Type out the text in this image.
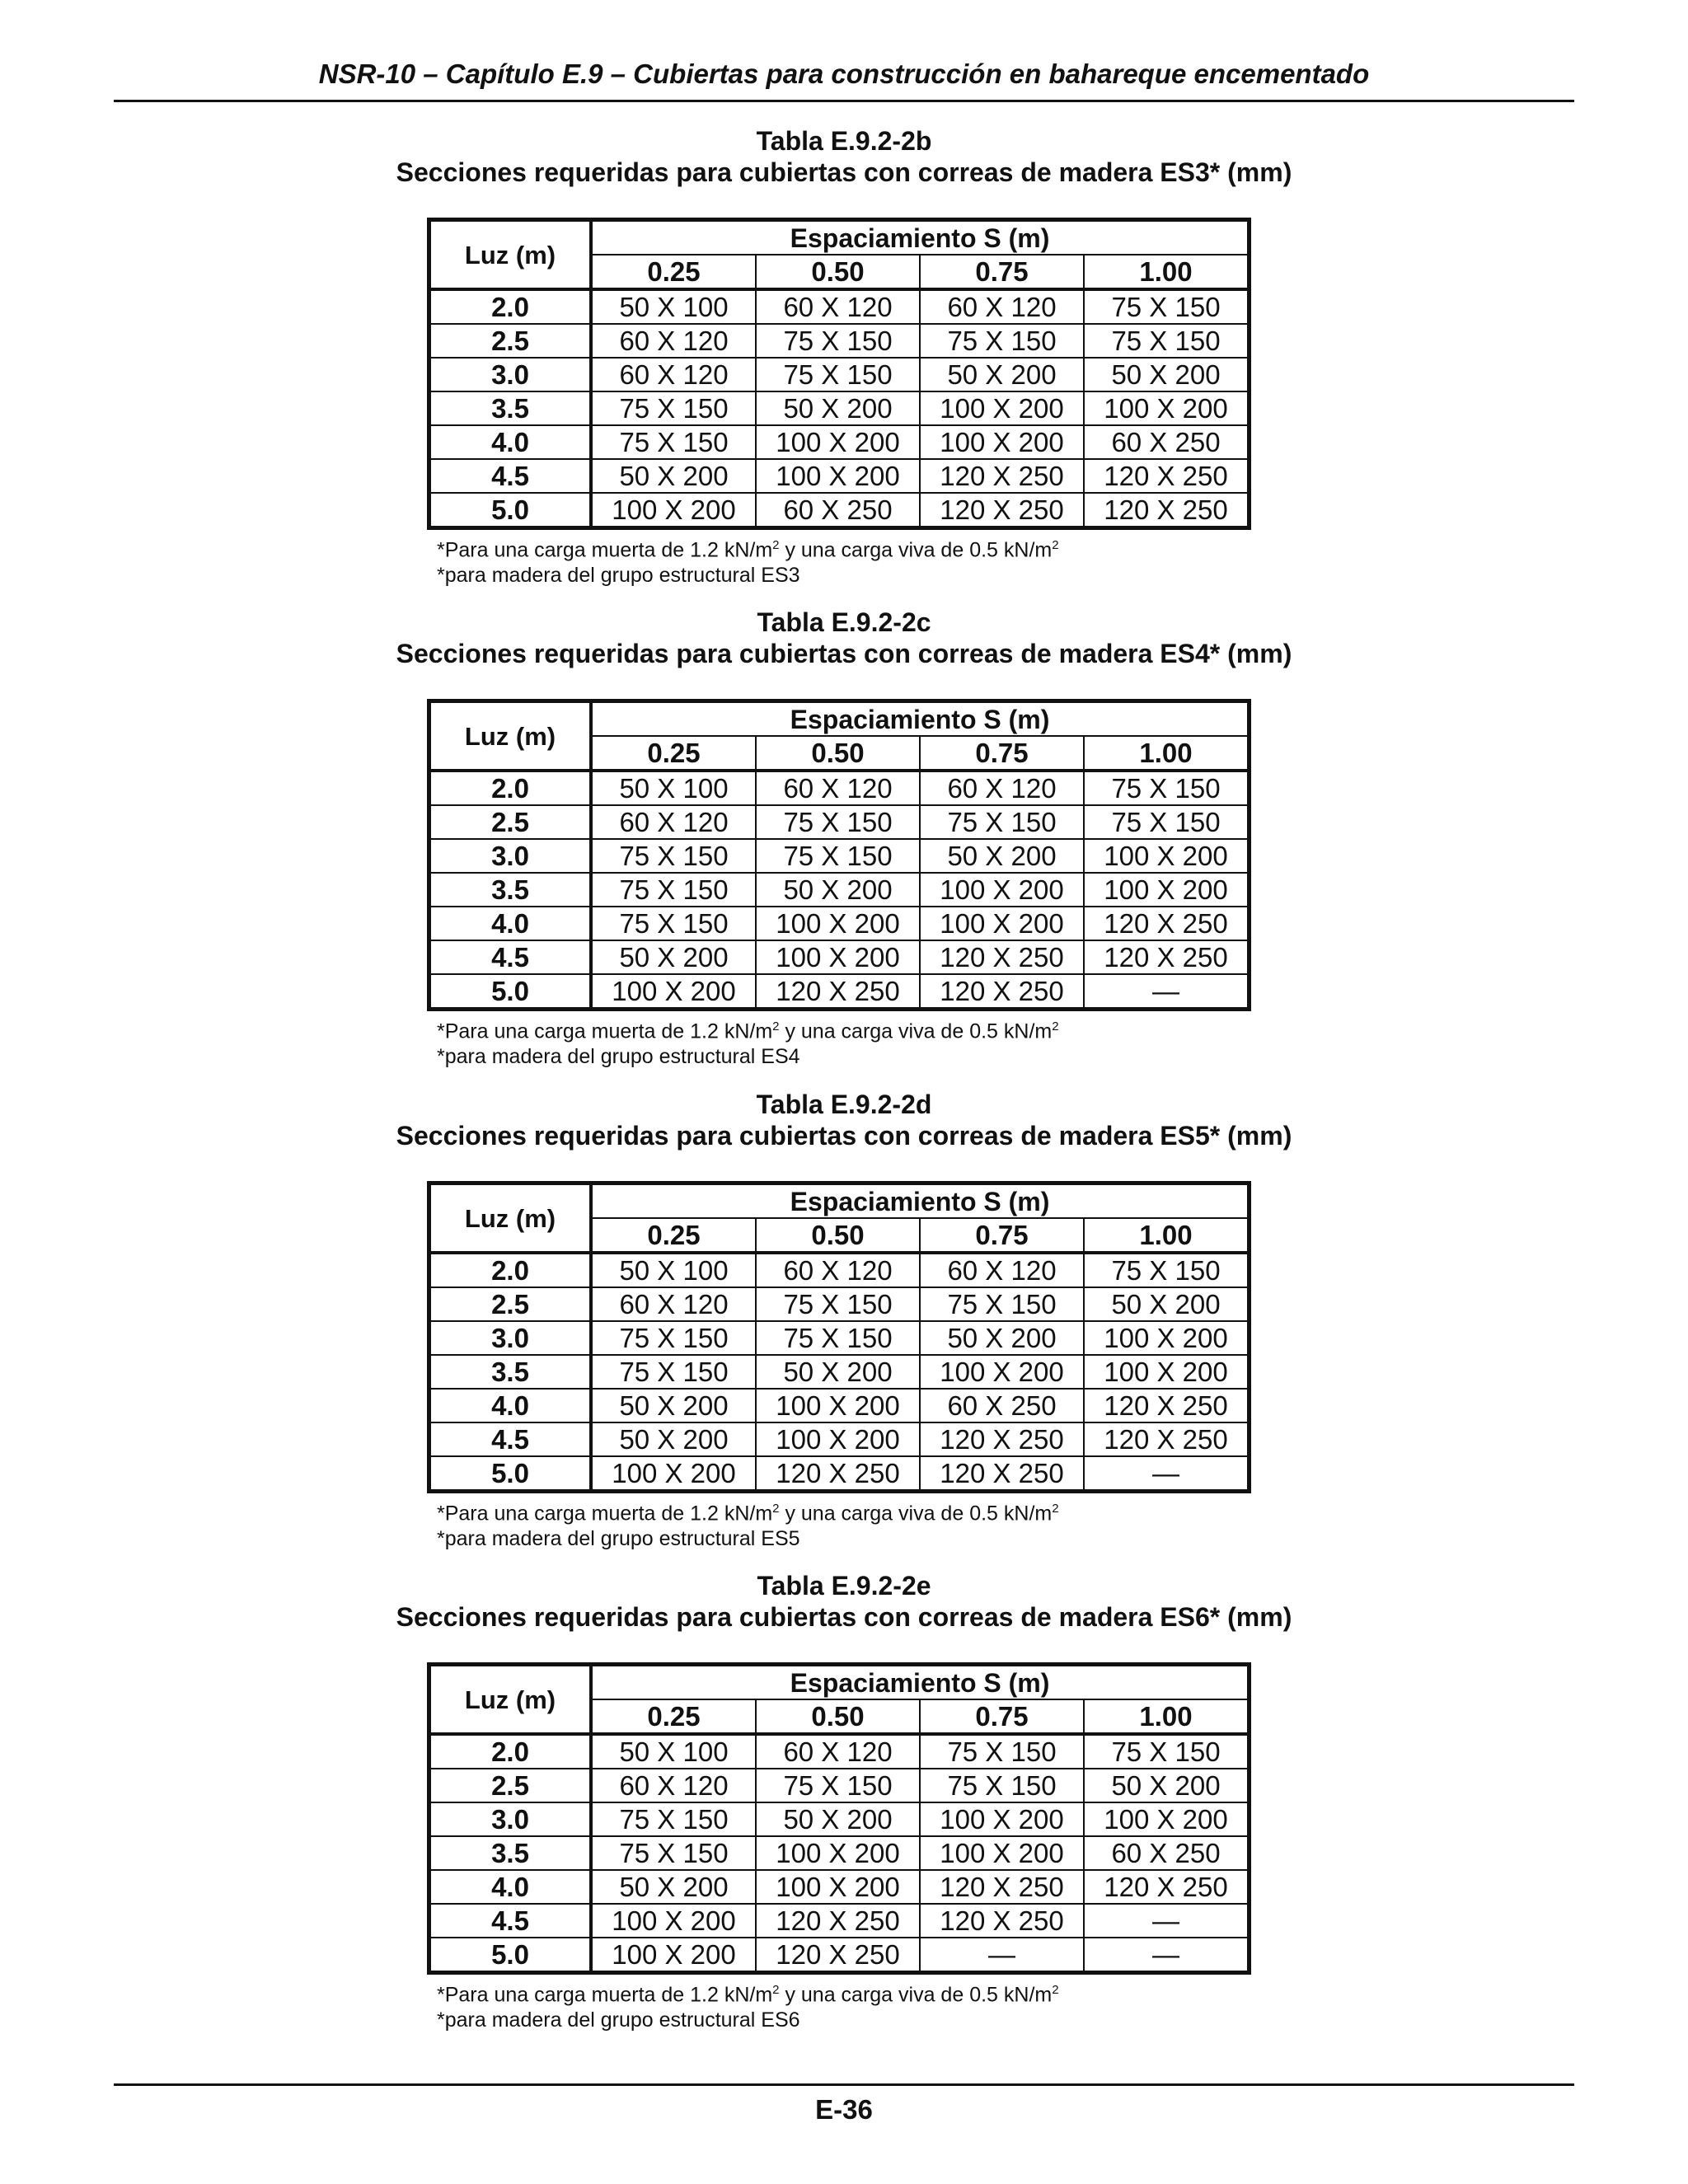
NSR-10 – Capítulo E.9 – Cubiertas para construcción en bahareque encementado
Tabla E.9.2-2b
Secciones requeridas para cubiertas con correas de madera ES3* (mm)
Luz (m)	Espaciamiento S (m)			
	0.25	0.50	0.75	1.00
2.0	50 X 100	60 X 120	60 X 120	75 X 150
2.5	60 X 120	75 X 150	75 X 150	75 X 150
3.0	60 X 120	75 X 150	50 X 200	50 X 200
3.5	75 X 150	50 X 200	100 X 200	100 X 200
4.0	75 X 150	100 X 200	100 X 200	60 X 250
4.5	50 X 200	100 X 200	120 X 250	120 X 250
5.0	100 X 200	60 X 250	120 X 250	120 X 250
*Para una carga muerta de 1.2 $kN/m^2$ y una carga viva de 0.5 $kN/m^2$
*para madera del grupo estructural ES3
Tabla E.9.2-2c
Secciones requeridas para cubiertas con correas de madera ES4* (mm)
Luz (m)	Espaciamiento S (m)			
	0.25	0.50	0.75	1.00
2.0	50 X 100	60 X 120	60 X 120	75 X 150
2.5	60 X 120	75 X 150	75 X 150	75 X 150
3.0	75 X 150	75 X 150	50 X 200	100 X 200
3.5	75 X 150	50 X 200	100 X 200	100 X 200
4.0	75 X 150	100 X 200	100 X 200	120 X 250
4.5	50 X 200	100 X 200	120 X 250	120 X 250
5.0	100 X 200	120 X 250	120 X 250	—
*Para una carga muerta de 1.2 $kN/m^2$ y una carga viva de 0.5 $kN/m^2$
*para madera del grupo estructural ES4
Tabla E.9.2-2d
Secciones requeridas para cubiertas con correas de madera ES5* (mm)
Luz (m)	Espaciamiento S (m)			
	0.25	0.50	0.75	1.00
2.0	50 X 100	60 X 120	60 X 120	75 X 150
2.5	60 X 120	75 X 150	75 X 150	50 X 200
3.0	75 X 150	75 X 150	50 X 200	100 X 200
3.5	75 X 150	50 X 200	100 X 200	100 X 200
4.0	50 X 200	100 X 200	60 X 250	120 X 250
4.5	50 X 200	100 X 200	120 X 250	120 X 250
5.0	100 X 200	120 X 250	120 X 250	—
*Para una carga muerta de 1.2 $kN/m^2$ y una carga viva de 0.5 $kN/m^2$
*para madera del grupo estructural ES5
Tabla E.9.2-2e
Secciones requeridas para cubiertas con correas de madera ES6* (mm)
Luz (m)	Espaciamiento S (m)			
	0.25	0.50	0.75	1.00
2.0	50 X 100	60 X 120	75 X 150	75 X 150
2.5	60 X 120	75 X 150	75 X 150	50 X 200
3.0	75 X 150	50 X 200	100 X 200	100 X 200
3.5	75 X 150	100 X 200	100 X 200	60 X 250
4.0	50 X 200	100 X 200	120 X 250	120 X 250
4.5	100 X 200	120 X 250	120 X 250	—
5.0	100 X 200	120 X 250	—	—
*Para una carga muerta de 1.2 $kN/m^2$ y una carga viva de 0.5 $kN/m^2$
*para madera del grupo estructural ES6
E-36
